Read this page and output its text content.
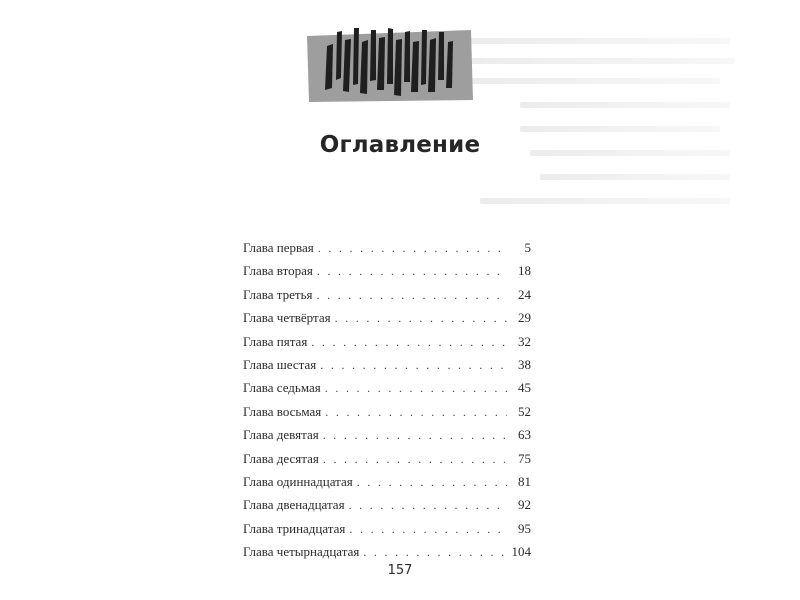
Оглавление
Глава первая . . .	5
Глава вторая . . .	18
Глава третья . . .	24
Глава четвёртая . . .	29
Глава пятая . . .	32
Глава шестая . . .	38
Глава седьмая . . .	45
Глава восьмая . . .	52
Глава девятая . . .	63
Глава десятая . . .	75
Глава одиннадцатая . . .	81
Глава двенадцатая . . .	92
Глава тринадцатая . . .	95
Глава четырнадцатая . . .	104
157
